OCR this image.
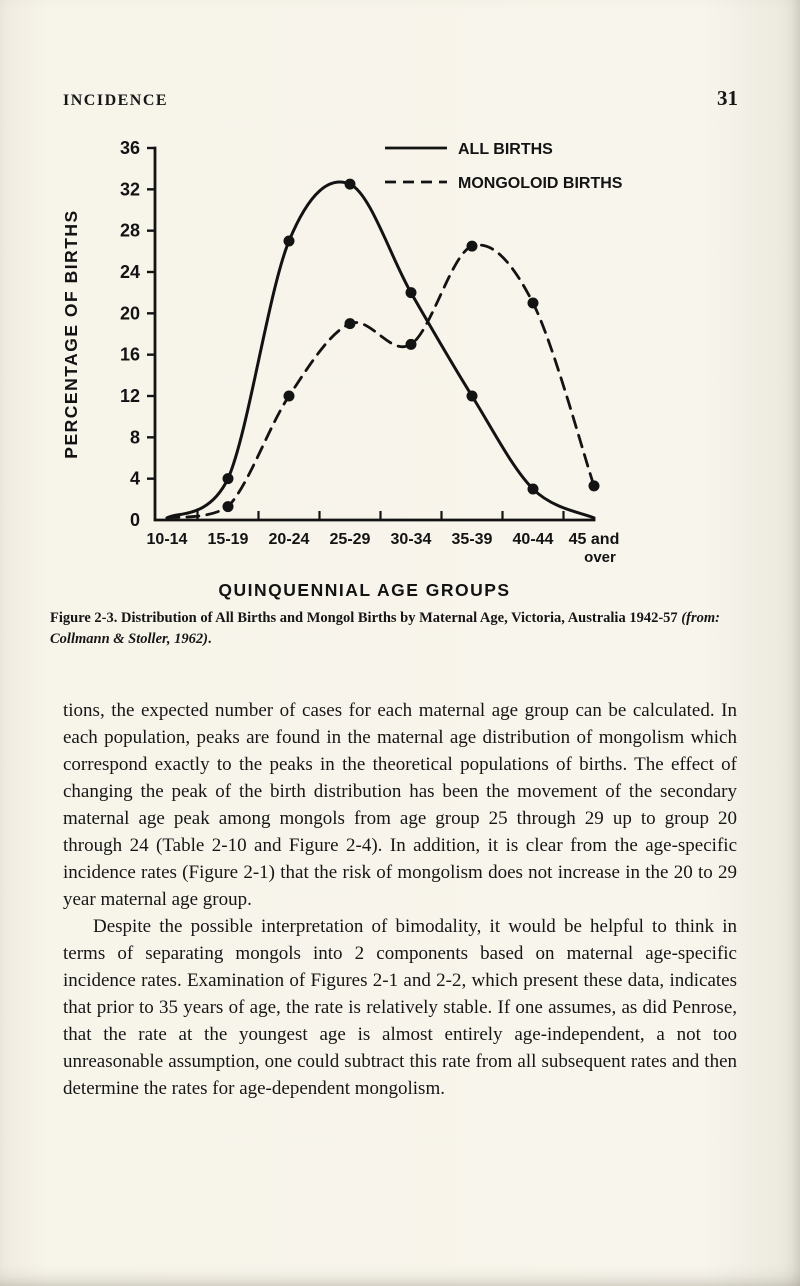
INCIDENCE	31
4
8
12
16
20
24
28
32
36
0
10-14 15-19 20-24 25-29 30-34 35-39 40-44 45 and
over
QUINQUENNIAL AGE GROUPS
PERCENTAGE OF BIRTHS
ALL BIRTHS
MONGOLOID BIRTHS

Figure 2-3. Distribution of All Births and Mongol Births by Maternal Age, Victoria, Australia 1942-57 (from: Collmann & Stoller, 1962).

tions, the expected number of cases for each maternal age group can be calculated. In each population, peaks are found in the maternal age distribution of mongolism which correspond exactly to the peaks in the theoretical populations of births. The effect of changing the peak of the birth distribution has been the movement of the secondary maternal age peak among mongols from age group 25 through 29 up to group 20 through 24 (Table 2-10 and Figure 2-4). In addition, it is clear from the age-specific incidence rates (Figure 2-1) that the risk of mongolism does not increase in the 20 to 29 year maternal age group.

Despite the possible interpretation of bimodality, it would be helpful to think in terms of separating mongols into 2 components based on maternal age-specific incidence rates. Examination of Figures 2-1 and 2-2, which present these data, indicates that prior to 35 years of age, the rate is relatively stable. If one assumes, as did Penrose, that the rate at the youngest age is almost entirely age-independent, a not too unreasonable assumption, one could subtract this rate from all subsequent rates and then determine the rates for age-dependent mongolism.
